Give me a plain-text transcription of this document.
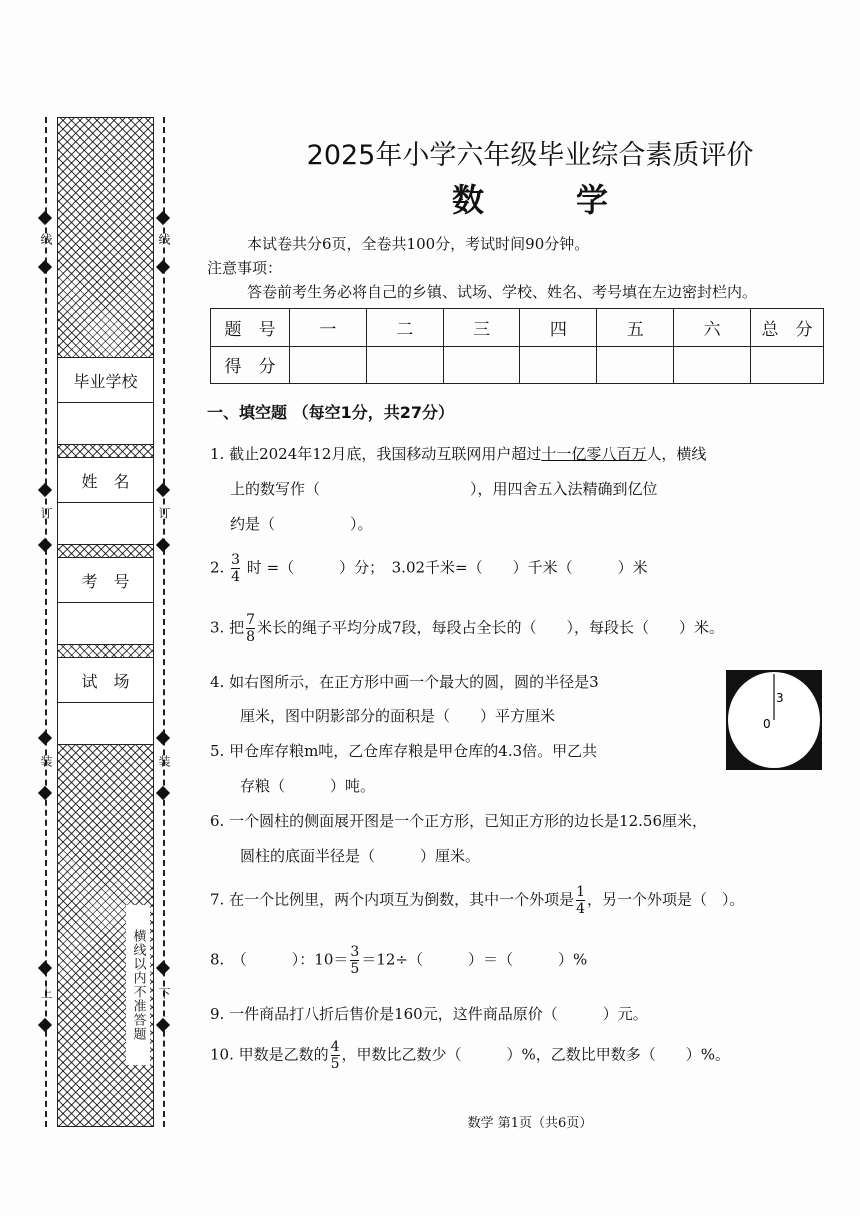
毕业学校
姓　名
考　号
试　场
横线以内不准答题
线	线
订	订
装	装
上	下
2025年小学六年级毕业综合素质评价
数　学
本试卷共分6页，全卷共100分，考试时间90分钟。
注意事项：
答卷前考生务必将自己的乡镇、试场、学校、姓名、考号填在左边密封栏内。
题　号	一	二	三	四	五	六	总　分
得　分							
一、填空题 （每空1分，共27分）
1. 截止2024年12月底，我国移动互联网用户超过十一亿零八百万人，横线
上的数写作（　　　　　　　　　　），用四舍五入法精确到亿位
约是（　　　　　）。
2. $\frac{3}{4}$ 时 =（　　　）分；　3.02千米=（　　）千米（　　　）米
3. 把 $\frac{7}{8}$ 米长的绳子平均分成7段，每段占全长的（　　），每段长（　　）米。
4. 如右图所示，在正方形中画一个最大的圆，圆的半径是3
厘米，图中阴影部分的面积是（　　）平方厘米
5. 甲仓库存粮m吨，乙仓库存粮是甲仓库的4.3倍。甲乙共
存粮（　　　）吨。
3
0
6. 一个圆柱的侧面展开图是一个正方形，已知正方形的边长是12.56厘米，
圆柱的底面半径是（　　　）厘米。
7. 在一个比例里，两个内项互为倒数，其中一个外项是 $\frac{1}{4}$ ，另一个外项是（　）。
8.　（　　　）：$10= \frac{3}{5} =12\div$（　　　）＝（　　　）%
9. 一件商品打八折后售价是160元，这件商品原价（　　　）元。
10. 甲数是乙数的 $\frac{4}{5}$ ，甲数比乙数少（　　　）%，乙数比甲数多（　　）%。
数学 第1页（共6页）
